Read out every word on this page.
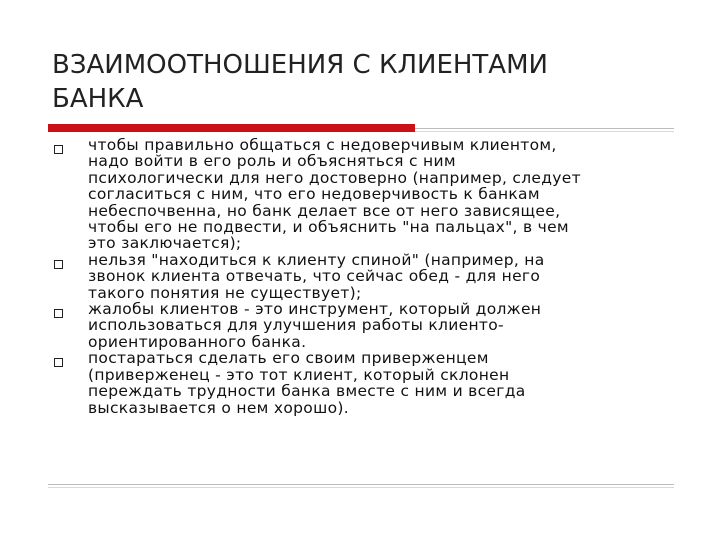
ВЗАИМООТНОШЕНИЯ С КЛИЕНТАМИ
БАНКА
чтобы правильно общаться с недоверчивым клиентом,
надо войти в его роль и объясняться с ним
психологически для него достоверно (например, следует
согласиться с ним, что его недоверчивость к банкам
небеспочвенна, но банк делает все от него зависящее,
чтобы его не подвести, и объяснить "на пальцах", в чем
это заключается);
нельзя "находиться к клиенту спиной" (например, на
звонок клиента отвечать, что сейчас обед - для него
такого понятия не существует);
жалобы клиентов - это инструмент, который должен
использоваться для улучшения работы клиенто-
ориентированного банка.
постараться сделать его своим приверженцем
(приверженец - это тот клиент, который склонен
переждать трудности банка вместе с ним и всегда
высказывается о нем хорошо).
